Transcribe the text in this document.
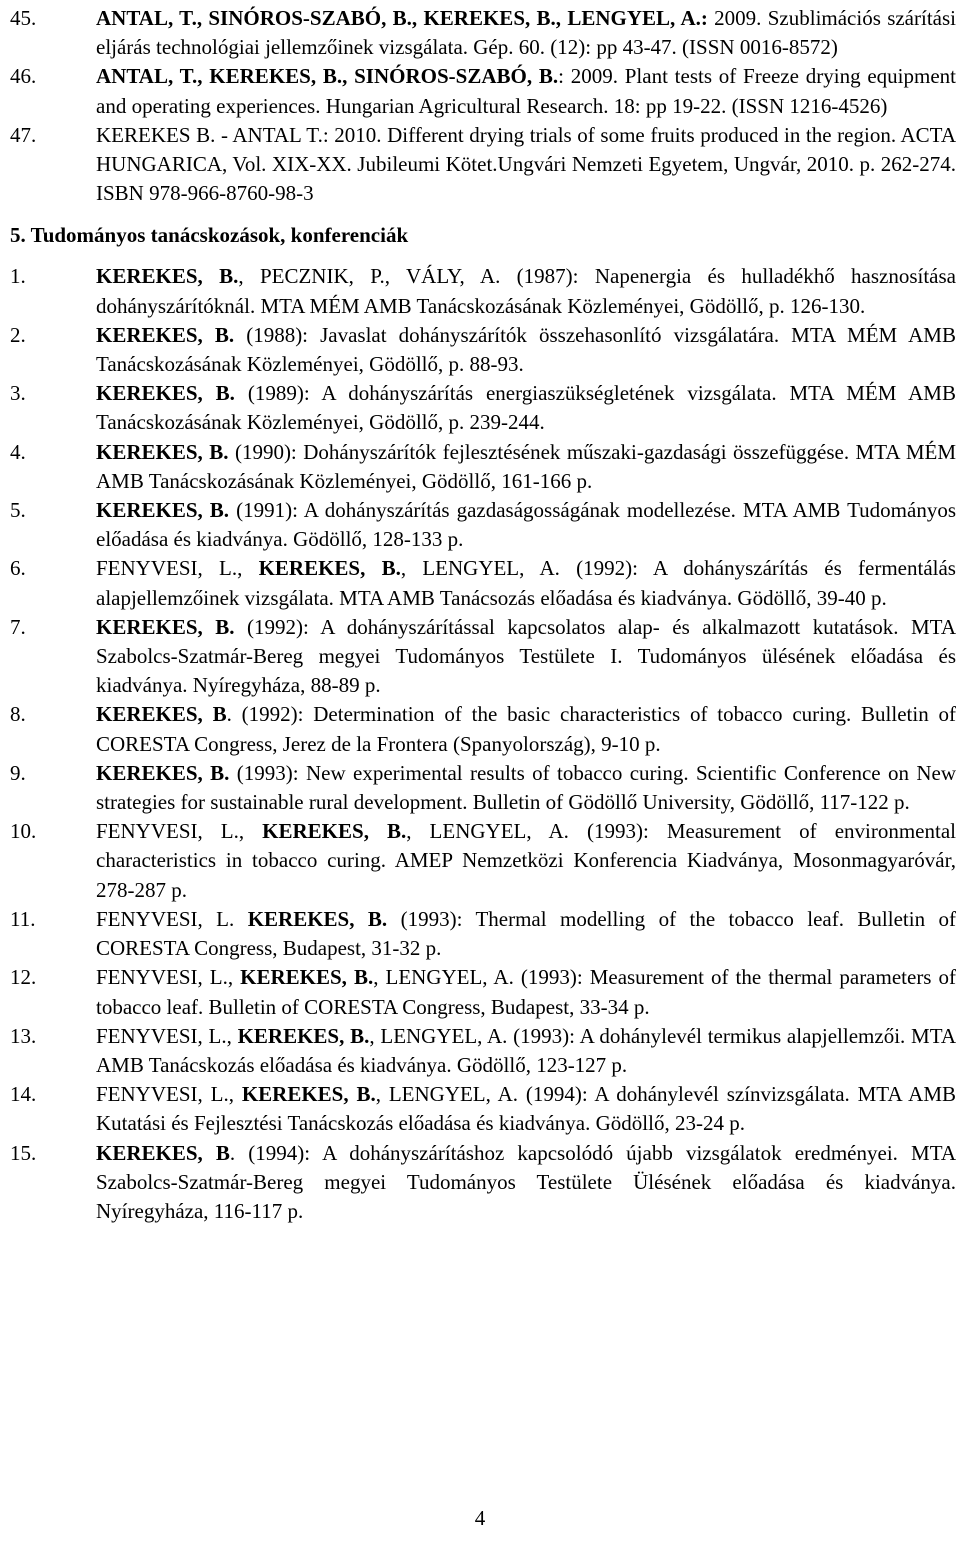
45.	ANTAL, T., SINÓROS-SZABÓ, B., KEREKES, B., LENGYEL, A.: 2009. Szublimációs szárítási eljárás technológiai jellemzőinek vizsgálata. Gép. 60. (12): pp 43-47. (ISSN 0016-8572)
46.	ANTAL, T., KEREKES, B., SINÓROS-SZABÓ, B.: 2009. Plant tests of Freeze drying equipment and operating experiences. Hungarian Agricultural Research. 18: pp 19-22. (ISSN 1216-4526)
47.	KEREKES B. - ANTAL T.: 2010. Different drying trials of some fruits produced in the region. ACTA HUNGARICA, Vol. XIX-XX. Jubileumi Kötet.Ungvári Nemzeti Egyetem, Ungvár, 2010. p. 262-274. ISBN 978-966-8760-98-3
5. Tudományos tanácskozások, konferenciák
1.	KEREKES, B., PECZNIK, P., VÁLY, A. (1987): Napenergia és hulladékhő hasznosítása dohányszárítóknál. MTA MÉM AMB Tanácskozásának Közleményei, Gödöllő, p. 126-130.
2.	KEREKES, B. (1988): Javaslat dohányszárítók összehasonlító vizsgálatára. MTA MÉM AMB Tanácskozásának Közleményei, Gödöllő, p. 88-93.
3.	KEREKES, B. (1989): A dohányszárítás energiaszükségletének vizsgálata. MTA MÉM AMB Tanácskozásának Közleményei, Gödöllő, p. 239-244.
4.	KEREKES, B. (1990): Dohányszárítók fejlesztésének műszaki-gazdasági összefüggése. MTA MÉM AMB Tanácskozásának Közleményei, Gödöllő, 161-166 p.
5.	KEREKES, B. (1991): A dohányszárítás gazdaságosságának modellezése. MTA AMB Tudományos előadása és kiadványa. Gödöllő, 128-133 p.
6.	FENYVESI, L., KEREKES, B., LENGYEL, A. (1992): A dohányszárítás és fermentálás alapjellemzőinek vizsgálata. MTA AMB Tanácsozás előadása és kiadványa. Gödöllő, 39-40 p.
7.	KEREKES, B. (1992): A dohányszárítással kapcsolatos alap- és alkalmazott kutatások. MTA Szabolcs-Szatmár-Bereg megyei Tudományos Testülete I. Tudományos ülésének előadása és kiadványa. Nyíregyháza, 88-89 p.
8.	KEREKES, B. (1992): Determination of the basic characteristics of tobacco curing. Bulletin of CORESTA Congress, Jerez de la Frontera (Spanyolország), 9-10 p.
9.	KEREKES, B. (1993): New experimental results of tobacco curing. Scientific Conference on New strategies for sustainable rural development. Bulletin of Gödöllő University, Gödöllő, 117-122 p.
10.	FENYVESI, L., KEREKES, B., LENGYEL, A. (1993): Measurement of environmental characteristics in tobacco curing. AMEP Nemzetközi Konferencia Kiadványa, Mosonmagyaróvár, 278-287 p.
11.	FENYVESI, L. KEREKES, B. (1993): Thermal modelling of the tobacco leaf. Bulletin of CORESTA Congress, Budapest, 31-32 p.
12.	FENYVESI, L., KEREKES, B., LENGYEL, A. (1993): Measurement of the thermal parameters of tobacco leaf. Bulletin of CORESTA Congress, Budapest, 33-34 p.
13.	FENYVESI, L., KEREKES, B., LENGYEL, A. (1993): A dohánylevél termikus alapjellemzői. MTA AMB Tanácskozás előadása és kiadványa. Gödöllő, 123-127 p.
14.	FENYVESI, L., KEREKES, B., LENGYEL, A. (1994): A dohánylevél színvizsgálata. MTA AMB Kutatási és Fejlesztési Tanácskozás előadása és kiadványa. Gödöllő, 23-24 p.
15.	KEREKES, B. (1994): A dohányszárításhoz kapcsolódó újabb vizsgálatok eredményei. MTA Szabolcs-Szatmár-Bereg megyei Tudományos Testülete Ülésének előadása és kiadványa. Nyíregyháza, 116-117 p.
4
